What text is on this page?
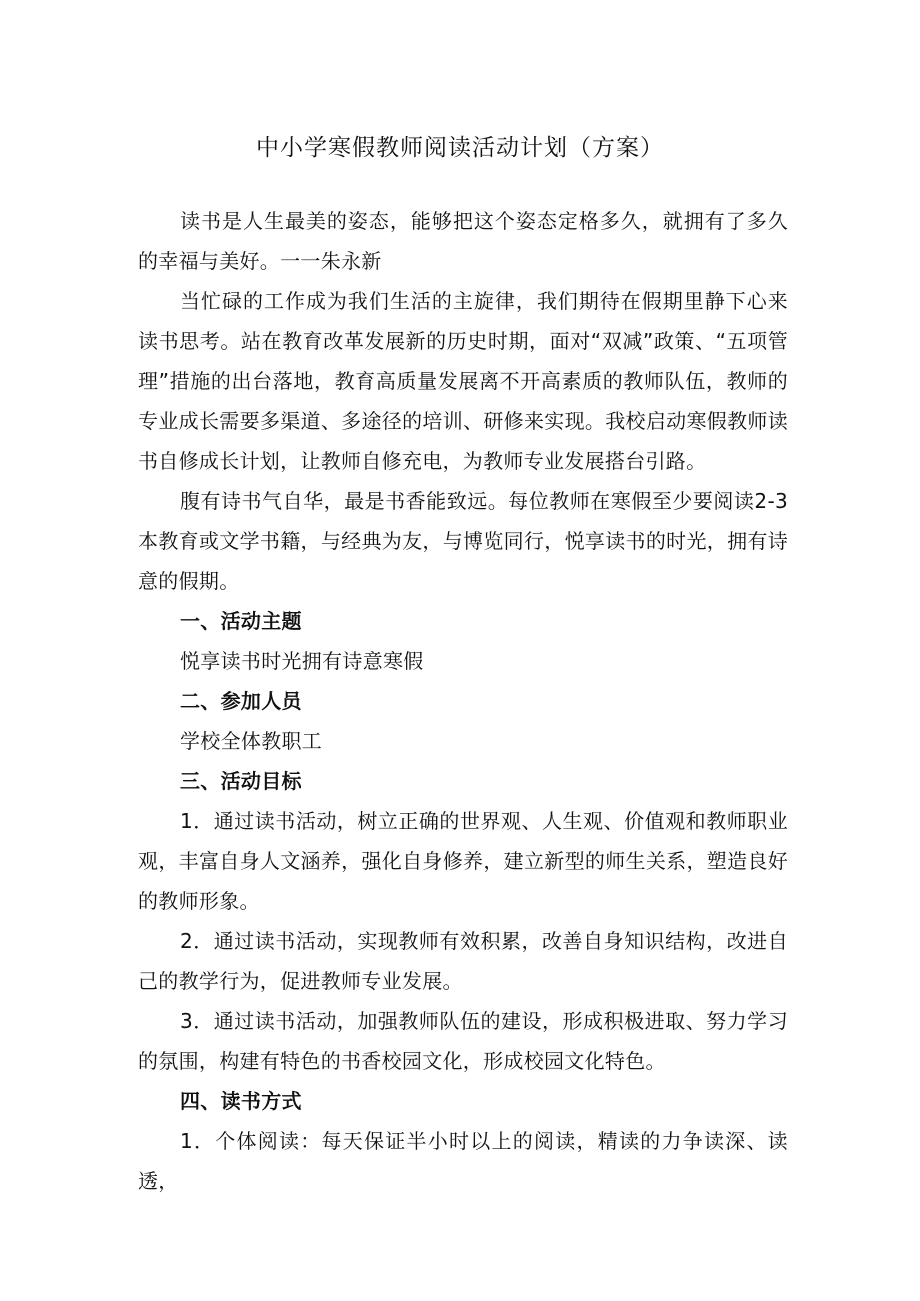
中小学寒假教师阅读活动计划（方案）

读书是人生最美的姿态，能够把这个姿态定格多久，就拥有了多久的幸福与美好。一一朱永新

当忙碌的工作成为我们生活的主旋律，我们期待在假期里静下心来读书思考。站在教育改革发展新的历史时期，面对“双减”政策、“五项管理”措施的出台落地，教育高质量发展离不开高素质的教师队伍，教师的专业成长需要多渠道、多途径的培训、研修来实现。我校启动寒假教师读书自修成长计划，让教师自修充电，为教师专业发展搭台引路。

腹有诗书气自华，最是书香能致远。每位教师在寒假至少要阅读2-3本教育或文学书籍，与经典为友，与博览同行，悦享读书的时光，拥有诗意的假期。

一、活动主题

悦享读书时光拥有诗意寒假

二、参加人员

学校全体教职工

三、活动目标

1．通过读书活动，树立正确的世界观、人生观、价值观和教师职业观，丰富自身人文涵养，强化自身修养，建立新型的师生关系，塑造良好的教师形象。

2．通过读书活动，实现教师有效积累，改善自身知识结构，改进自己的教学行为，促进教师专业发展。

3．通过读书活动，加强教师队伍的建设，形成积极进取、努力学习的氛围，构建有特色的书香校园文化，形成校园文化特色。

四、读书方式

1．个体阅读：每天保证半小时以上的阅读，精读的力争读深、读透，
